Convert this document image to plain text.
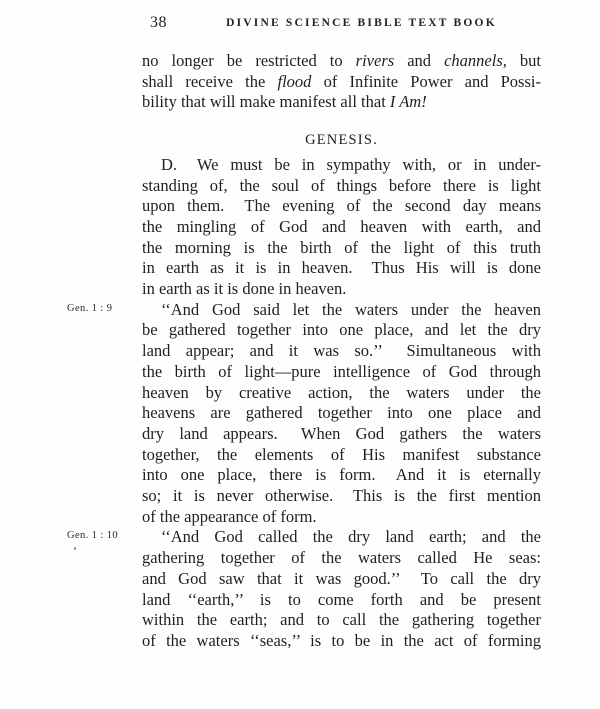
38	DIVINE SCIENCE BIBLE TEXT BOOK
no longer be restricted to rivers and channels, but
shall receive the flood of Infinite Power and Possi-
bility that will make manifest all that I Am!
GENESIS.
D.  We must be in sympathy with, or in under-
standing of, the soul of things before there is light
upon them.  The evening of the second day means
the mingling of God and heaven with earth, and
the morning is the birth of the light of this truth
in earth as it is in heaven.  Thus His will is done
in earth as it is done in heaven.
Gen. 1 : 9	‘‘And God said let the waters under the heaven
be gathered together into one place, and let the dry
land appear; and it was so.’’  Simultaneous with
the birth of light—pure intelligence of God through
heaven by creative action, the waters under the
heavens are gathered together into one place and
dry land appears.  When God gathers the waters
together, the elements of His manifest substance
into one place, there is form.  And it is eternally
so; it is never otherwise.  This is the first mention
of the appearance of form.
Gen. 1 : 10	‘‘And God called the dry land earth; and the
gathering together of the waters called He seas:
and God saw that it was good.’’  To call the dry
land ‘‘earth,’’ is to come forth and be present
within the earth; and to call the gathering together
of the waters ‘‘seas,’’ is to be in the act of forming
